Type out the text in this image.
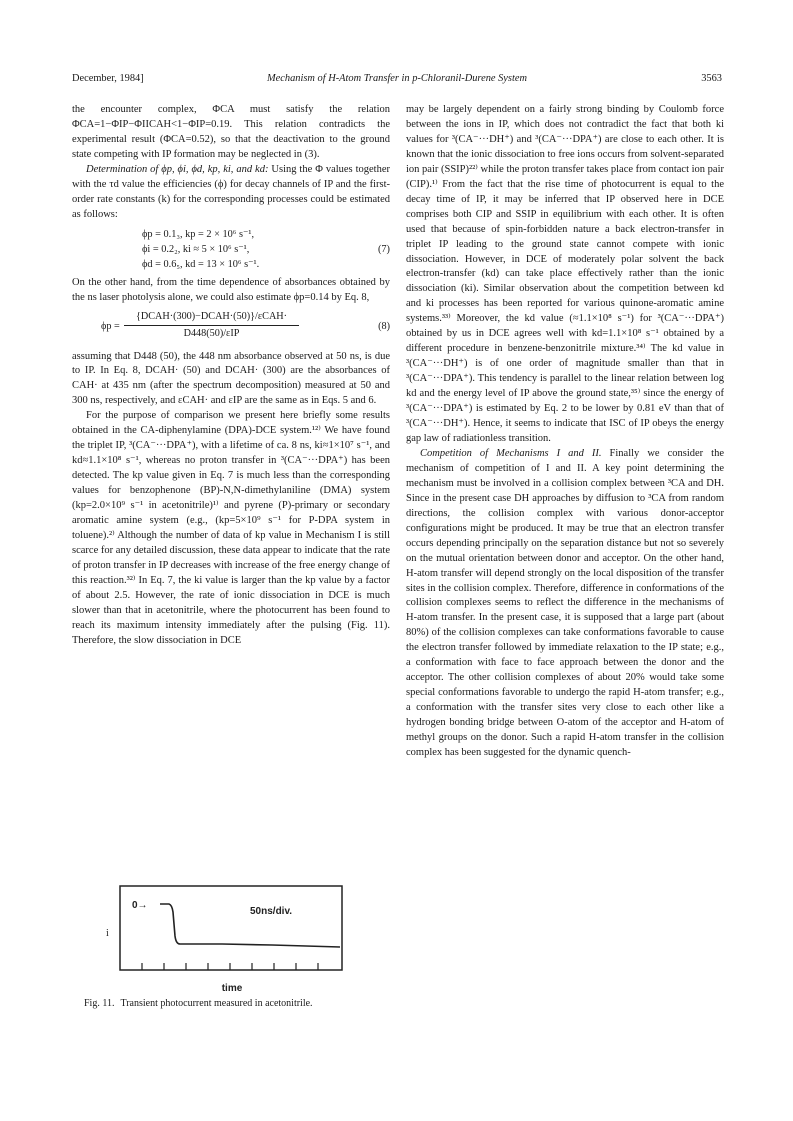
December, 1984]	Mechanism of H-Atom Transfer in p-Chloranil-Durene System	3563

the encounter complex, ΦCA must satisfy the relation ΦCA=1−ΦIP−ΦIICAH<1−ΦIP=0.19. This relation contradicts the experimental result (ΦCA=0.52), so that the deactivation to the ground state competing with IP formation may be neglected in (3).

Determination of ϕp, ϕi, ϕd, kp, ki, and kd: Using the Φ values together with the τd value the efficiencies (ϕ) for decay channels of IP and the first-order rate constants (k) for the corresponding processes could be estimated as follows:

ϕp = 0.1₃, kp = 2 × 10⁶ s⁻¹,
ϕi = 0.2₂, ki ≈ 5 × 10⁶ s⁻¹,
ϕd = 0.6₅, kd = 13 × 10⁶ s⁻¹.
(7)

On the other hand, from the time dependence of absorbances obtained by the ns laser photolysis alone, we could also estimate ϕp=0.14 by Eq. 8,

ϕp =
{DCAH·(300)−DCAH·(50)}/εCAH·
D448(50)/εIP
(8)

assuming that D448 (50), the 448 nm absorbance observed at 50 ns, is due to IP. In Eq. 8, DCAH· (50) and DCAH· (300) are the absorbances of CAH· at 435 nm (after the spectrum decomposition) measured at 50 and 300 ns, respectively, and εCAH· and εIP are the same as in Eqs. 5 and 6.

For the purpose of comparison we present here briefly some results obtained in the CA-diphenylamine (DPA)-DCE system.¹²⁾ We have found the triplet IP, ³(CA⁻···DPA⁺), with a lifetime of ca. 8 ns, ki≈1×10⁷ s⁻¹, and kd≈1.1×10⁸ s⁻¹, whereas no proton transfer in ³(CA⁻···DPA⁺) has been detected. The kp value given in Eq. 7 is much less than the corresponding values for benzophenone (BP)-N,N-dimethylaniline (DMA) system (kp=2.0×10⁹ s⁻¹ in acetonitrile)¹⁾ and pyrene (P)-primary or secondary aromatic amine system (e.g., (kp=5×10⁹ s⁻¹ for P-DPA system in toluene).²⁾ Although the number of data of kp value in Mechanism I is still scarce for any detailed discussion, these data appear to indicate that the rate of proton transfer in IP decreases with increase of the free energy change of this reaction.³²⁾ In Eq. 7, the ki value is larger than the kp value by a factor of about 2.5. However, the rate of ionic dissociation in DCE is much slower than that in acetonitrile, where the photocurrent has been found to reach its maximum intensity immediately after the pulsing (Fig. 11). Therefore, the slow dissociation in DCE

0→
50ns/div.
i
time
Fig. 11. Transient photocurrent measured in acetonitrile.

may be largely dependent on a fairly strong binding by Coulomb force between the ions in IP, which does not contradict the fact that both ki values for ³(CA⁻···DH⁺) and ³(CA⁻···DPA⁺) are close to each other. It is known that the ionic dissociation to free ions occurs from solvent-separated ion pair (SSIP)²²⁾ while the proton transfer takes place from contact ion pair (CIP).¹⁾ From the fact that the rise time of photocurrent is equal to the decay time of IP, it may be inferred that IP observed here in DCE comprises both CIP and SSIP in equilibrium with each other. It is often used that because of spin-forbidden nature a back electron-transfer in triplet IP leading to the ground state cannot compete with ionic dissociation. However, in DCE of moderately polar solvent the back electron-transfer (kd) can take place effectively rather than the ionic dissociation (ki). Similar observation about the competition between kd and ki processes has been reported for various quinone-aromatic amine systems.³³⁾ Moreover, the kd value (≈1.1×10⁸ s⁻¹) for ³(CA⁻···DPA⁺) obtained by us in DCE agrees well with kd=1.1×10⁸ s⁻¹ obtained by a different procedure in benzene-benzonitrile mixture.³⁴⁾ The kd value in ³(CA⁻···DH⁺) is of one order of magnitude smaller than that in ³(CA⁻···DPA⁺). This tendency is parallel to the linear relation between log kd and the energy level of IP above the ground state,³⁵⁾ since the energy of ³(CA⁻···DPA⁺) is estimated by Eq. 2 to be lower by 0.81 eV than that of ³(CA⁻···DH⁺). Hence, it seems to indicate that ISC of IP obeys the energy gap law of radiationless transition.

Competition of Mechanisms I and II. Finally we consider the mechanism of competition of I and II. A key point determining the mechanism must be involved in a collision complex between ³CA and DH. Since in the present case DH approaches by diffusion to ³CA from random directions, the collision complex with various donor-acceptor configurations might be produced. It may be true that an electron transfer occurs depending principally on the separation distance but not so severely on the mutual orientation between donor and acceptor. On the other hand, H-atom transfer will depend strongly on the local disposition of the transfer sites in the collision complex. Therefore, difference in conformations of the collision complexes seems to reflect the difference in the mechanisms of H-atom transfer. In the present case, it is supposed that a large part (about 80%) of the collision complexes can take conformations favorable to cause the electron transfer followed by immediate relaxation to the IP state; e.g., a conformation with face to face approach between the donor and the acceptor. The other collision complexes of about 20% would take some special conformations favorable to undergo the rapid H-atom transfer; e.g., a conformation with the transfer sites very close to each other like a hydrogen bonding bridge between O-atom of the acceptor and H-atom of methyl groups on the donor. Such a rapid H-atom transfer in the collision complex has been suggested for the dynamic quench-
